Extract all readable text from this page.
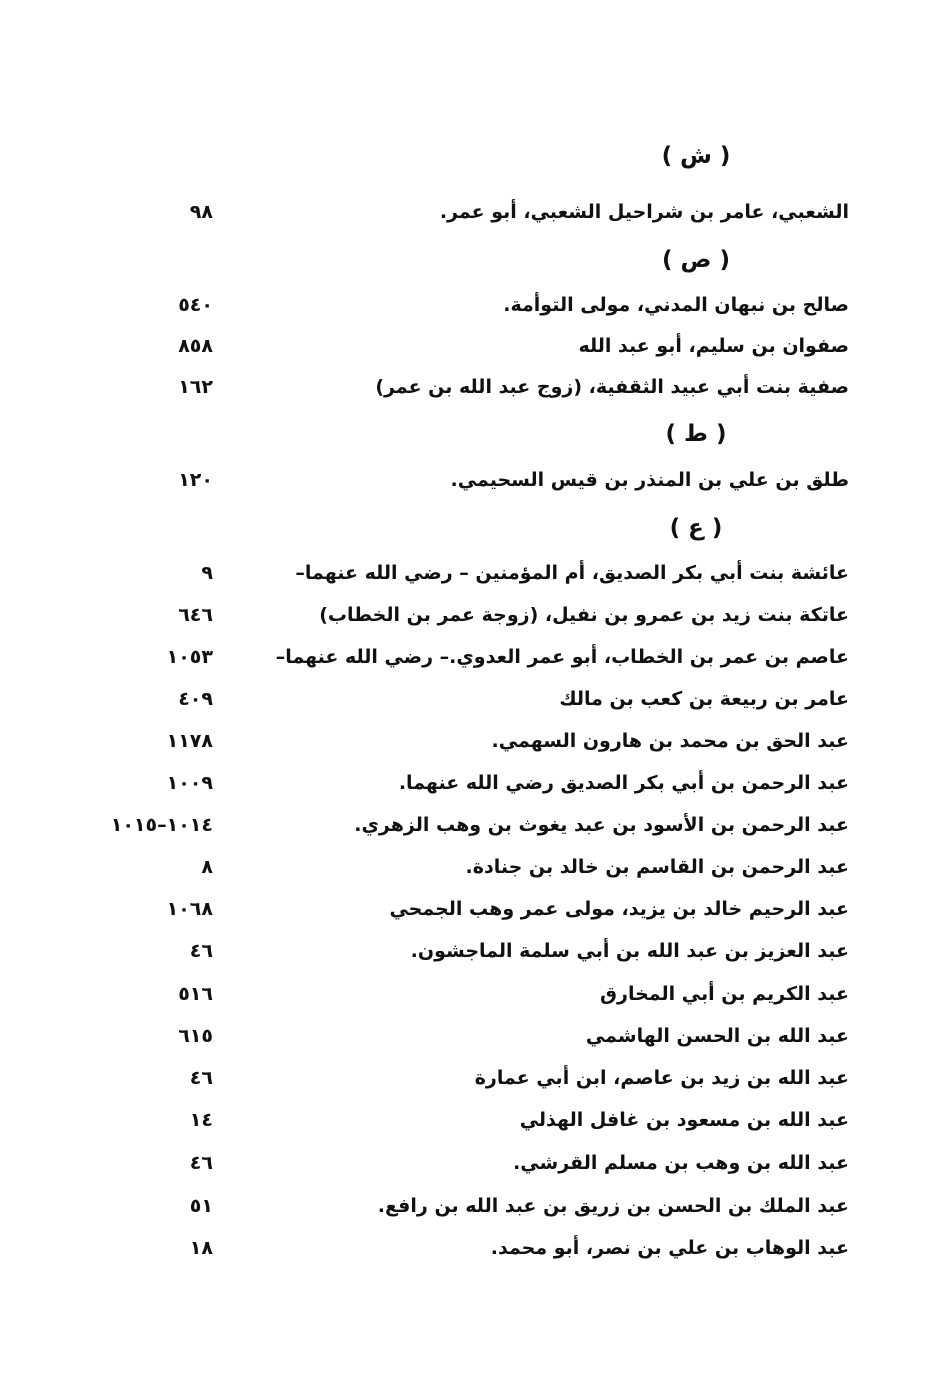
( ش )
الشعبي، عامر بن شراحيل الشعبي، أبو عمر.
٩٨
( ص )
صالح بن نبهان المدني، مولى التوأمة.
٥٤٠
صفوان بن سليم، أبو عبد الله
٨٥٨
صفية بنت أبي عبيد الثقفية، (زوج عبد الله بن عمر)
١٦٢
( ط )
طلق بن علي بن المنذر بن قيس السحيمي.
١٢٠
( ع )
عائشة بنت أبي بكر الصديق، أم المؤمنين – رضي الله عنهما–
٩
عاتكة بنت زيد بن عمرو بن نفيل، (زوجة عمر بن الخطاب)
٦٤٦
عاصم بن عمر بن الخطاب، أبو عمر العدوي.– رضي الله عنهما–
١٠٥٣
عامر بن ربيعة بن كعب بن مالك
٤٠٩
عبد الحق بن محمد بن هارون السهمي.
١١٧٨
عبد الرحمن بن أبي بكر الصديق رضي الله عنهما.
١٠٠٩
عبد الرحمن بن الأسود بن عبد يغوث بن وهب الزهري.
١٠١٤–١٠١٥
عبد الرحمن بن القاسم بن خالد بن جنادة.
٨
عبد الرحيم خالد بن يزيد، مولى عمر وهب الجمحي
١٠٦٨
عبد العزيز بن عبد الله بن أبي سلمة الماجشون.
٤٦
عبد الكريم بن أبي المخارق
٥١٦
عبد الله بن الحسن الهاشمي
٦١٥
عبد الله بن زيد بن عاصم، ابن أبي عمارة
٤٦
عبد الله بن مسعود بن غافل الهذلي
١٤
عبد الله بن وهب بن مسلم القرشي.
٤٦
عبد الملك بن الحسن بن زريق بن عبد الله بن رافع.
٥١
عبد الوهاب بن علي بن نصر، أبو محمد.
١٨
